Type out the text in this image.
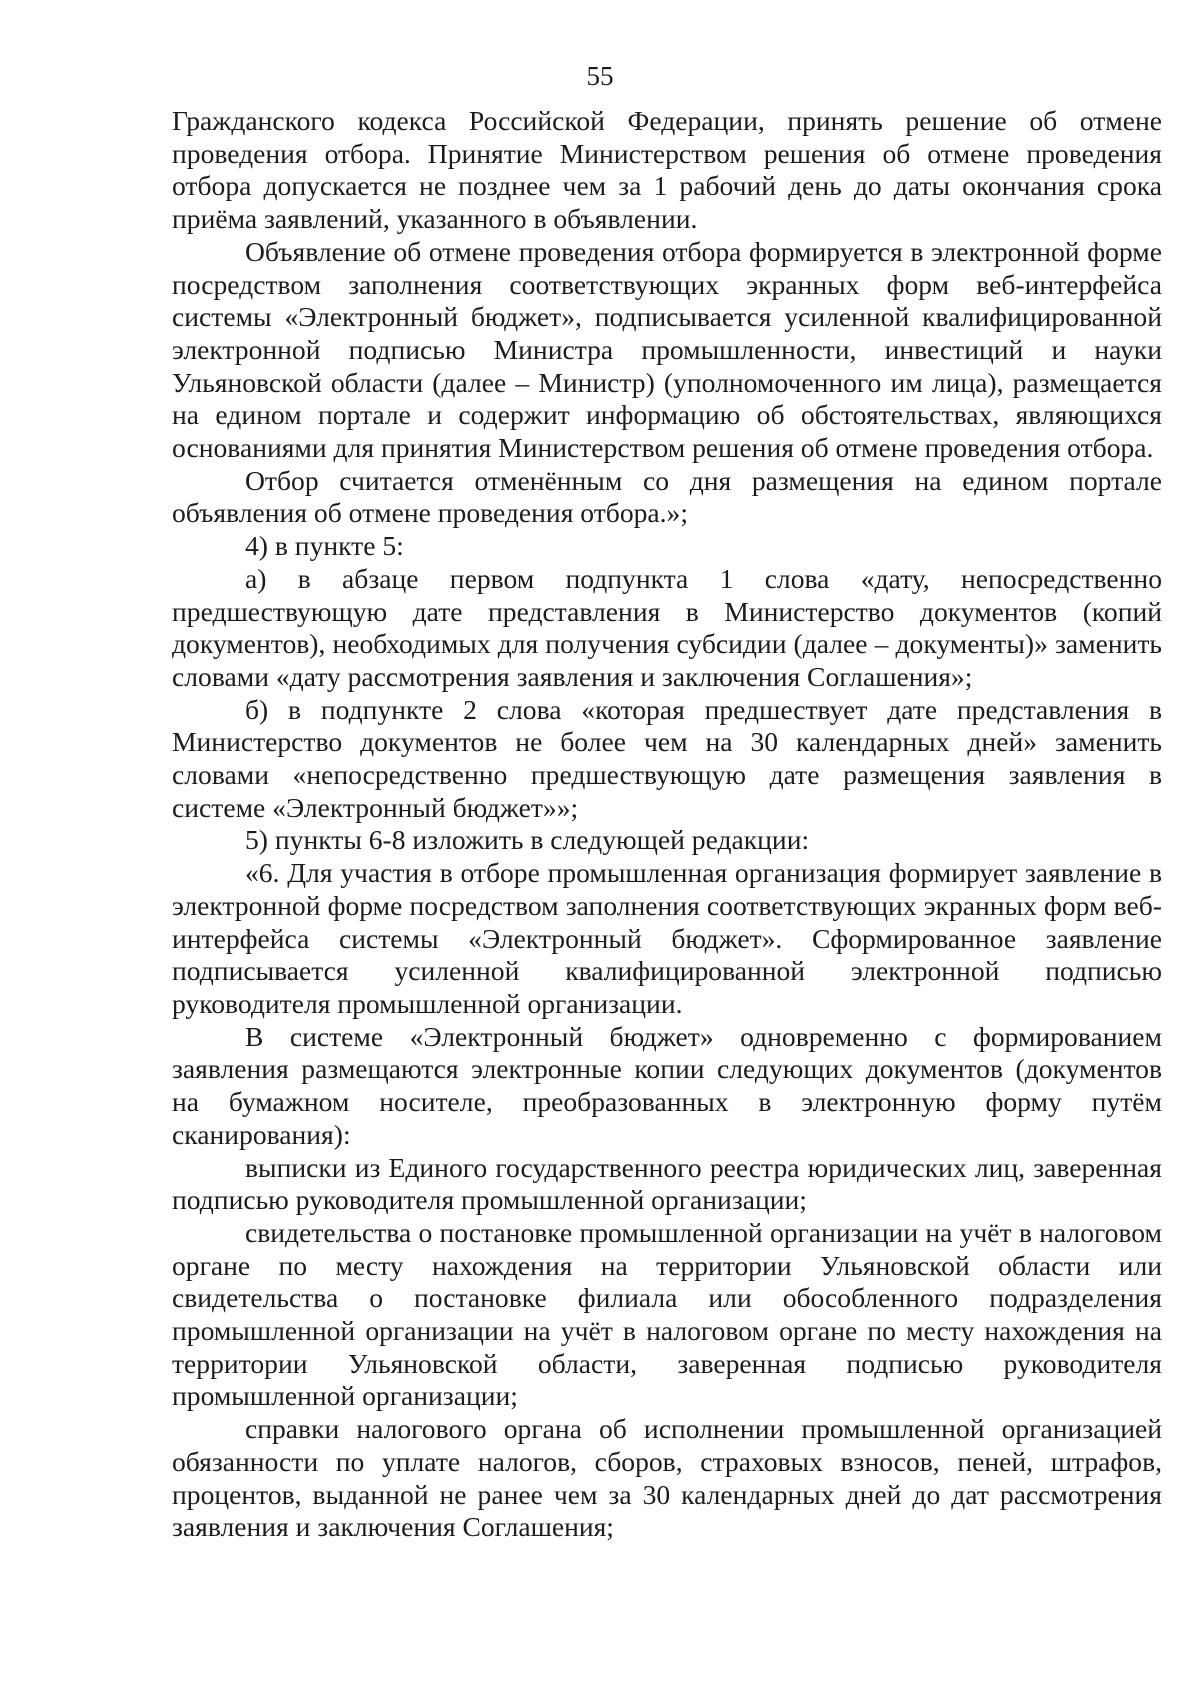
55

Гражданского кодекса Российской Федерации, принять решение об отмене проведения отбора. Принятие Министерством решения об отмене проведения отбора допускается не позднее чем за 1 рабочий день до даты окончания срока приёма заявлений, указанного в объявлении.

Объявление об отмене проведения отбора формируется в электронной форме посредством заполнения соответствующих экранных форм веб-интерфейса системы «Электронный бюджет», подписывается усиленной квалифицированной электронной подписью Министра промышленности, инвестиций и науки Ульяновской области (далее – Министр) (уполномоченного им лица), размещается на едином портале и содержит информацию об обстоятельствах, являющихся основаниями для принятия Министерством решения об отмене проведения отбора.

Отбор считается отменённым со дня размещения на едином портале объявления об отмене проведения отбора.»;

4) в пункте 5:

а) в абзаце первом подпункта 1 слова «дату, непосредственно предшествующую дате представления в Министерство документов (копий документов), необходимых для получения субсидии (далее – документы)» заменить словами «дату рассмотрения заявления и заключения Соглашения»;

б) в подпункте 2 слова «которая предшествует дате представления в Министерство документов не более чем на 30 календарных дней» заменить словами «непосредственно предшествующую дате размещения заявления в системе «Электронный бюджет»»;

5) пункты 6-8 изложить в следующей редакции:

«6. Для участия в отборе промышленная организация формирует заявление в электронной форме посредством заполнения соответствующих экранных форм веб-интерфейса системы «Электронный бюджет». Сформированное заявление подписывается усиленной квалифицированной электронной подписью руководителя промышленной организации.

В системе «Электронный бюджет» одновременно с формированием заявления размещаются электронные копии следующих документов (документов на бумажном носителе, преобразованных в электронную форму путём сканирования):

выписки из Единого государственного реестра юридических лиц, заверенная подписью руководителя промышленной организации;

свидетельства о постановке промышленной организации на учёт в налоговом органе по месту нахождения на территории Ульяновской области или свидетельства о постановке филиала или обособленного подразделения промышленной организации на учёт в налоговом органе по месту нахождения на территории Ульяновской области, заверенная подписью руководителя промышленной организации;

справки налогового органа об исполнении промышленной организацией обязанности по уплате налогов, сборов, страховых взносов, пеней, штрафов, процентов, выданной не ранее чем за 30 календарных дней до дат рассмотрения заявления и заключения Соглашения;
